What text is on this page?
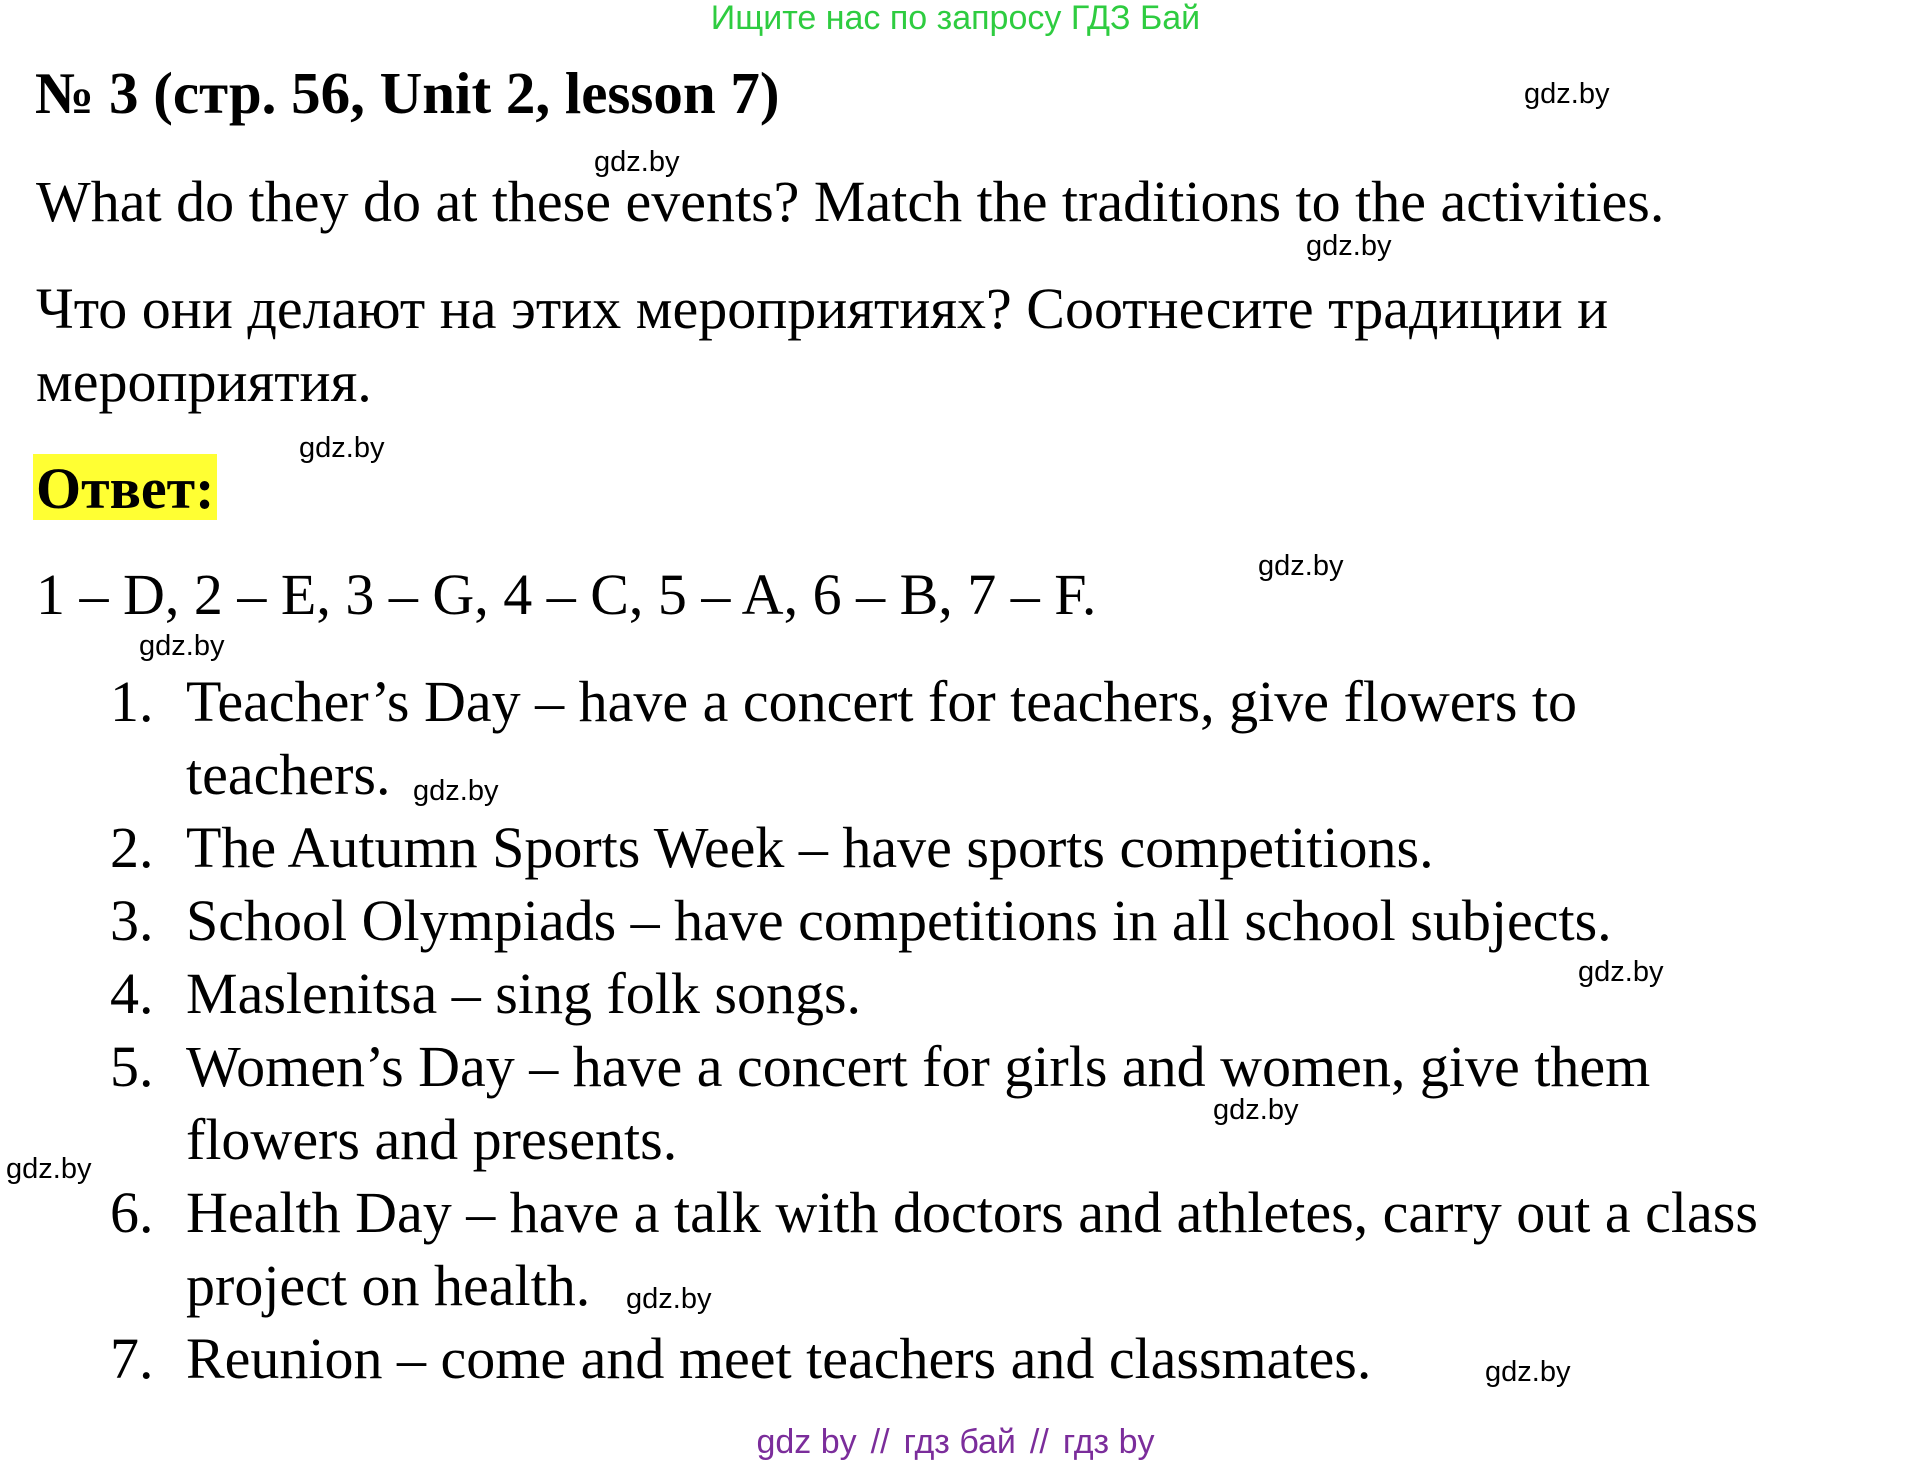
Ищите нас по запросу ГДЗ Бай
№ 3 (стр. 56, Unit 2, lesson 7)
What do they do at these events? Match the traditions to the activities.
Что они делают на этих мероприятиях? Соотнесите традиции и
мероприятия.
Ответ:
1 – D, 2 – E, 3 – G, 4 – C, 5 – A, 6 – B, 7 – F.
1. Teacher’s Day – have a concert for teachers, give flowers to
teachers.
2. The Autumn Sports Week – have sports competitions.
3. School Olympiads – have competitions in all school subjects.
4. Maslenitsa – sing folk songs.
5. Women’s Day – have a concert for girls and women, give them
flowers and presents.
6. Health Day – have a talk with doctors and athletes, carry out a class
project on health.
7. Reunion – come and meet teachers and classmates.
gdz.by
gdz.by
gdz.by
gdz.by
gdz.by
gdz.by
gdz.by
gdz.by
gdz.by
gdz.by
gdz.by
gdz.by
gdz by // гдз бай // гдз by
